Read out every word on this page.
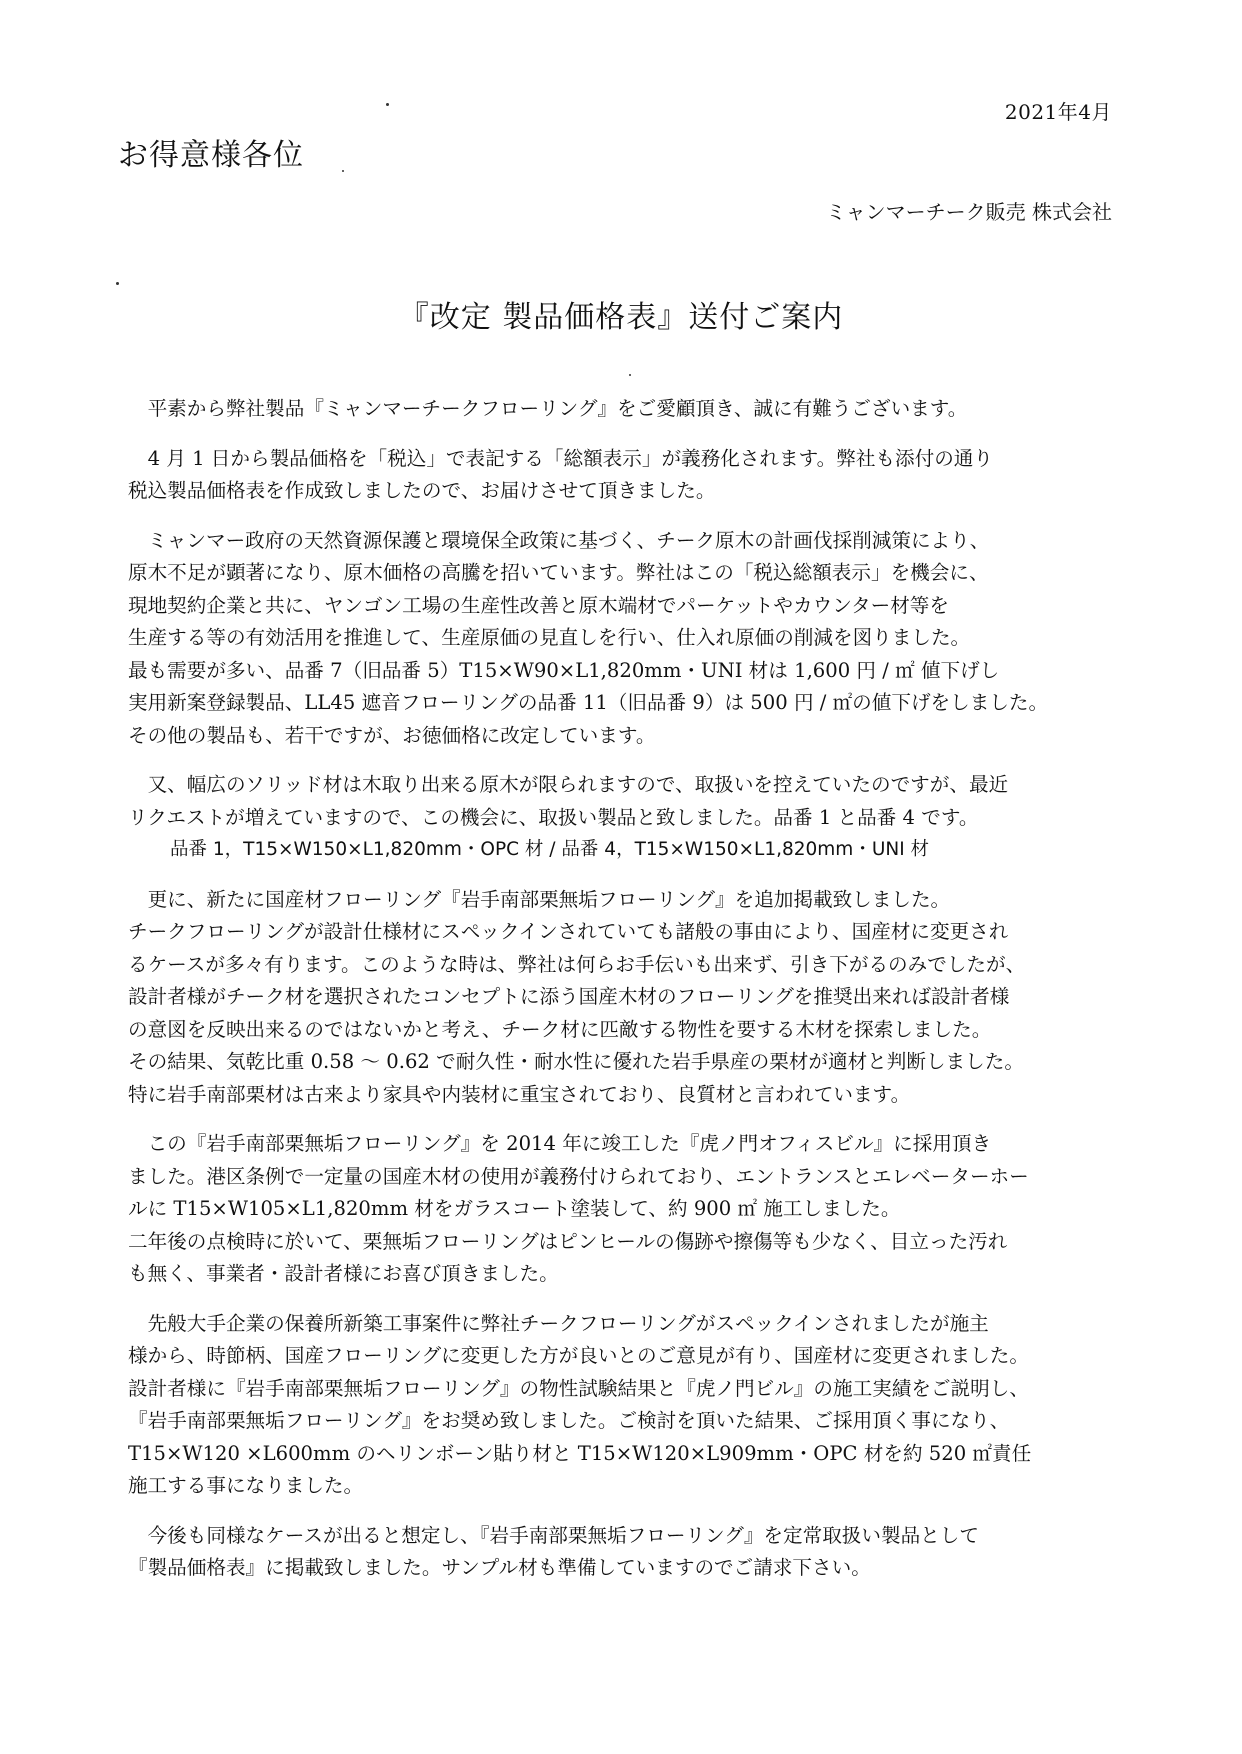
2021年4月
お得意様各位
ミャンマーチーク販売 株式会社
『改定 製品価格表』送付ご案内
　平素から弊社製品『ミャンマーチークフローリング』をご愛顧頂き、誠に有難うございます。
　4 月 1 日から製品価格を「税込」で表記する「総額表示」が義務化されます。弊社も添付の通り
税込製品価格表を作成致しましたので、お届けさせて頂きました。
　ミャンマー政府の天然資源保護と環境保全政策に基づく、チーク原木の計画伐採削減策により、
原木不足が顕著になり、原木価格の高騰を招いています。弊社はこの「税込総額表示」を機会に、
現地契約企業と共に、ヤンゴン工場の生産性改善と原木端材でパーケットやカウンター材等を
生産する等の有効活用を推進して、生産原価の見直しを行い、仕入れ原価の削減を図りました。
最も需要が多い、品番 7（旧品番 5）T15×W90×L1,820mm・UNI 材は 1,600 円 / ㎡ 値下げし
実用新案登録製品、LL45 遮音フローリングの品番 11（旧品番 9）は 500 円 / ㎡の値下げをしました。
その他の製品も、若干ですが、お徳価格に改定しています。
　又、幅広のソリッド材は木取り出来る原木が限られますので、取扱いを控えていたのですが、最近
リクエストが増えていますので、この機会に、取扱い製品と致しました。品番 1 と品番 4 です。
品番 1，T15×W150×L1,820mm・OPC 材 / 品番 4，T15×W150×L1,820mm・UNI 材
　更に、新たに国産材フローリング『岩手南部栗無垢フローリング』を追加掲載致しました。
チークフローリングが設計仕様材にスペックインされていても諸般の事由により、国産材に変更され
るケースが多々有ります。このような時は、弊社は何らお手伝いも出来ず、引き下がるのみでしたが、
設計者様がチーク材を選択されたコンセプトに添う国産木材のフローリングを推奨出来れば設計者様
の意図を反映出来るのではないかと考え、チーク材に匹敵する物性を要する木材を探索しました。
その結果、気乾比重 0.58 ～ 0.62 で耐久性・耐水性に優れた岩手県産の栗材が適材と判断しました。
特に岩手南部栗材は古来より家具や内装材に重宝されており、良質材と言われています。
　この『岩手南部栗無垢フローリング』を 2014 年に竣工した『虎ノ門オフィスビル』に採用頂き
ました。港区条例で一定量の国産木材の使用が義務付けられており、エントランスとエレベーターホー
ルに T15×W105×L1,820mm 材をガラスコート塗装して、約 900 ㎡ 施工しました。
二年後の点検時に於いて、栗無垢フローリングはピンヒールの傷跡や擦傷等も少なく、目立った汚れ
も無く、事業者・設計者様にお喜び頂きました。
　先般大手企業の保養所新築工事案件に弊社チークフローリングがスペックインされましたが施主
様から、時節柄、国産フローリングに変更した方が良いとのご意見が有り、国産材に変更されました。
設計者様に『岩手南部栗無垢フローリング』の物性試験結果と『虎ノ門ビル』の施工実績をご説明し、
『岩手南部栗無垢フローリング』をお奨め致しました。ご検討を頂いた結果、ご採用頂く事になり、
T15×W120 ×L600mm のヘリンボーン貼り材と T15×W120×L909mm・OPC 材を約 520 ㎡責任
施工する事になりました。
　今後も同様なケースが出ると想定し、『岩手南部栗無垢フローリング』を定常取扱い製品として
『製品価格表』に掲載致しました。サンプル材も準備していますのでご請求下さい。
